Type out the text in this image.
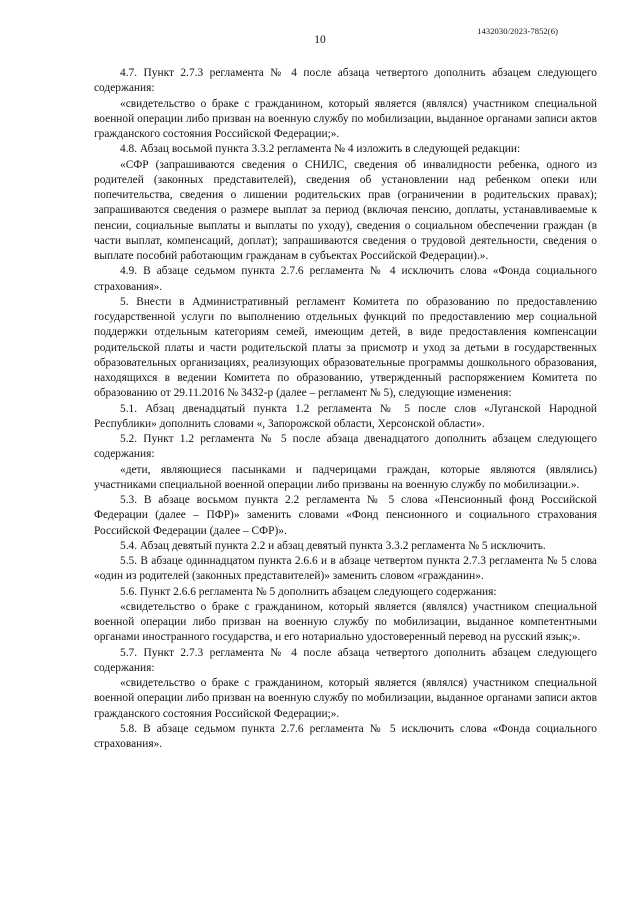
1432030/2023-7852(6)
10

4.7. Пункт 2.7.3 регламента № 4 после абзаца четвертого дополнить абзацем следующего содержания:

«свидетельство о браке с гражданином, который является (являлся) участником специальной военной операции либо призван на военную службу по мобилизации, выданное органами записи актов гражданского состояния Российской Федерации;».

4.8. Абзац восьмой пункта 3.3.2 регламента № 4 изложить в следующей редакции:

«СФР (запрашиваются сведения о СНИЛС, сведения об инвалидности ребенка, одного из родителей (законных представителей), сведения об установлении над ребенком опеки или попечительства, сведения о лишении родительских прав (ограничении в родительских правах); запрашиваются сведения о размере выплат за период (включая пенсию, доплаты, устанавливаемые к пенсии, социальные выплаты и выплаты по уходу), сведения о социальном обеспечении граждан (в части выплат, компенсаций, доплат); запрашиваются сведения о трудовой деятельности, сведения о выплате пособий работающим гражданам в субъектах Российской Федерации).».

4.9. В абзаце седьмом пункта 2.7.6 регламента № 4 исключить слова «Фонда социального страхования».

5. Внести в Административный регламент Комитета по образованию по предоставлению государственной услуги по выполнению отдельных функций по предоставлению мер социальной поддержки отдельным категориям семей, имеющим детей, в виде предоставления компенсации родительской платы и части родительской платы за присмотр и уход за детьми в государственных образовательных организациях, реализующих образовательные программы дошкольного образования, находящихся в ведении Комитета по образованию, утвержденный распоряжением Комитета по образованию от 29.11.2016 № 3432-р (далее – регламент № 5), следующие изменения:

5.1. Абзац двенадцатый пункта 1.2 регламента № 5 после слов «Луганской Народной Республики» дополнить словами «, Запорожской области, Херсонской области».

5.2. Пункт 1.2 регламента № 5 после абзаца двенадцатого дополнить абзацем следующего содержания:

«дети, являющиеся пасынками и падчерицами граждан, которые являются (являлись) участниками специальной военной операции либо призваны на военную службу по мобилизации.».

5.3. В абзаце восьмом пункта 2.2 регламента № 5 слова «Пенсионный фонд Российской Федерации (далее – ПФР)» заменить словами «Фонд пенсионного и социального страхования Российской Федерации (далее – СФР)».

5.4. Абзац девятый пункта 2.2 и абзац девятый пункта 3.3.2 регламента № 5 исключить.

5.5. В абзаце одиннадцатом пункта 2.6.6 и в абзаце четвертом пункта 2.7.3 регламента № 5 слова «один из родителей (законных представителей)» заменить словом «гражданин».

5.6. Пункт 2.6.6 регламента № 5 дополнить абзацем следующего содержания:

«свидетельство о браке с гражданином, который является (являлся) участником специальной военной операции либо призван на военную службу по мобилизации, выданное компетентными органами иностранного государства, и его нотариально удостоверенный перевод на русский язык;».

5.7. Пункт 2.7.3 регламента № 4 после абзаца четвертого дополнить абзацем следующего содержания:

«свидетельство о браке с гражданином, который является (являлся) участником специальной военной операции либо призван на военную службу по мобилизации, выданное органами записи актов гражданского состояния Российской Федерации;».

5.8. В абзаце седьмом пункта 2.7.6 регламента № 5 исключить слова «Фонда социального страхования».
